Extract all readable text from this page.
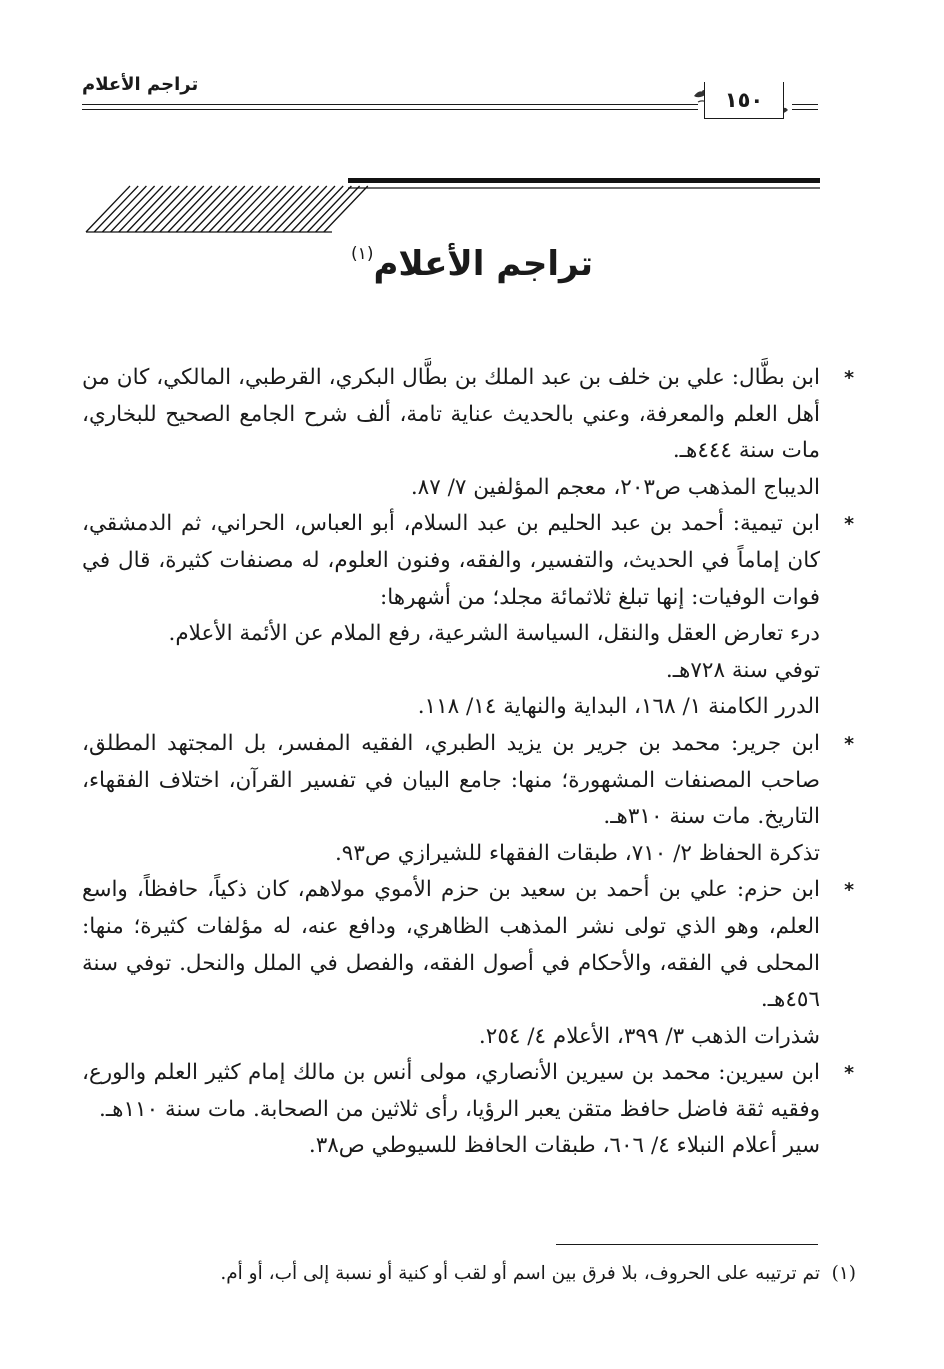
تراجم الأعلام
١٥٠
تراجم الأعلام$^{(١)}$
*

ابن بطَّال: علي بن خلف بن عبد الملك بن بطَّال البكري، القرطبي، المالكي، كان من أهل العلم والمعرفة، وعني بالحديث عناية تامة، ألف شرح الجامع الصحيح للبخاري، مات سنة ٤٤٤هـ.

الديباج المذهب ص٢٠٣، معجم المؤلفين ٧/ ٨٧.

*

ابن تيمية: أحمد بن عبد الحليم بن عبد السلام، أبو العباس، الحراني، ثم الدمشقي، كان إماماً في الحديث، والتفسير، والفقه، وفنون العلوم، له مصنفات كثيرة، قال في فوات الوفيات: إنها تبلغ ثلاثمائة مجلد؛ من أشهرها:

درء تعارض العقل والنقل، السياسة الشرعية، رفع الملام عن الأئمة الأعلام.

توفي سنة ٧٢٨هـ.

الدرر الكامنة ١/ ١٦٨، البداية والنهاية ١٤/ ١١٨.

*

ابن جرير: محمد بن جرير بن يزيد الطبري، الفقيه المفسر، بل المجتهد المطلق، صاحب المصنفات المشهورة؛ منها: جامع البيان في تفسير القرآن، اختلاف الفقهاء، التاريخ. مات سنة ٣١٠هـ.

تذكرة الحفاظ ٢/ ٧١٠، طبقات الفقهاء للشيرازي ص٩٣.

*

ابن حزم: علي بن أحمد بن سعيد بن حزم الأموي مولاهم، كان ذكياً، حافظاً، واسع العلم، وهو الذي تولى نشر المذهب الظاهري، ودافع عنه، له مؤلفات كثيرة؛ منها: المحلى في الفقه، والأحكام في أصول الفقه، والفصل في الملل والنحل. توفي سنة ٤٥٦هـ.

شذرات الذهب ٣/ ٣٩٩، الأعلام ٤/ ٢٥٤.

*

ابن سيرين: محمد بن سيرين الأنصاري، مولى أنس بن مالك إمام كثير العلم والورع، وفقيه ثقة فاضل حافظ متقن يعبر الرؤيا، رأى ثلاثين من الصحابة. مات سنة ١١٠هـ.

سير أعلام النبلاء ٤/ ٦٠٦، طبقات الحافظ للسيوطي ص٣٨.

(١)
تم ترتيبه على الحروف، بلا فرق بين اسم أو لقب أو كنية أو نسبة إلى أب، أو أم.
